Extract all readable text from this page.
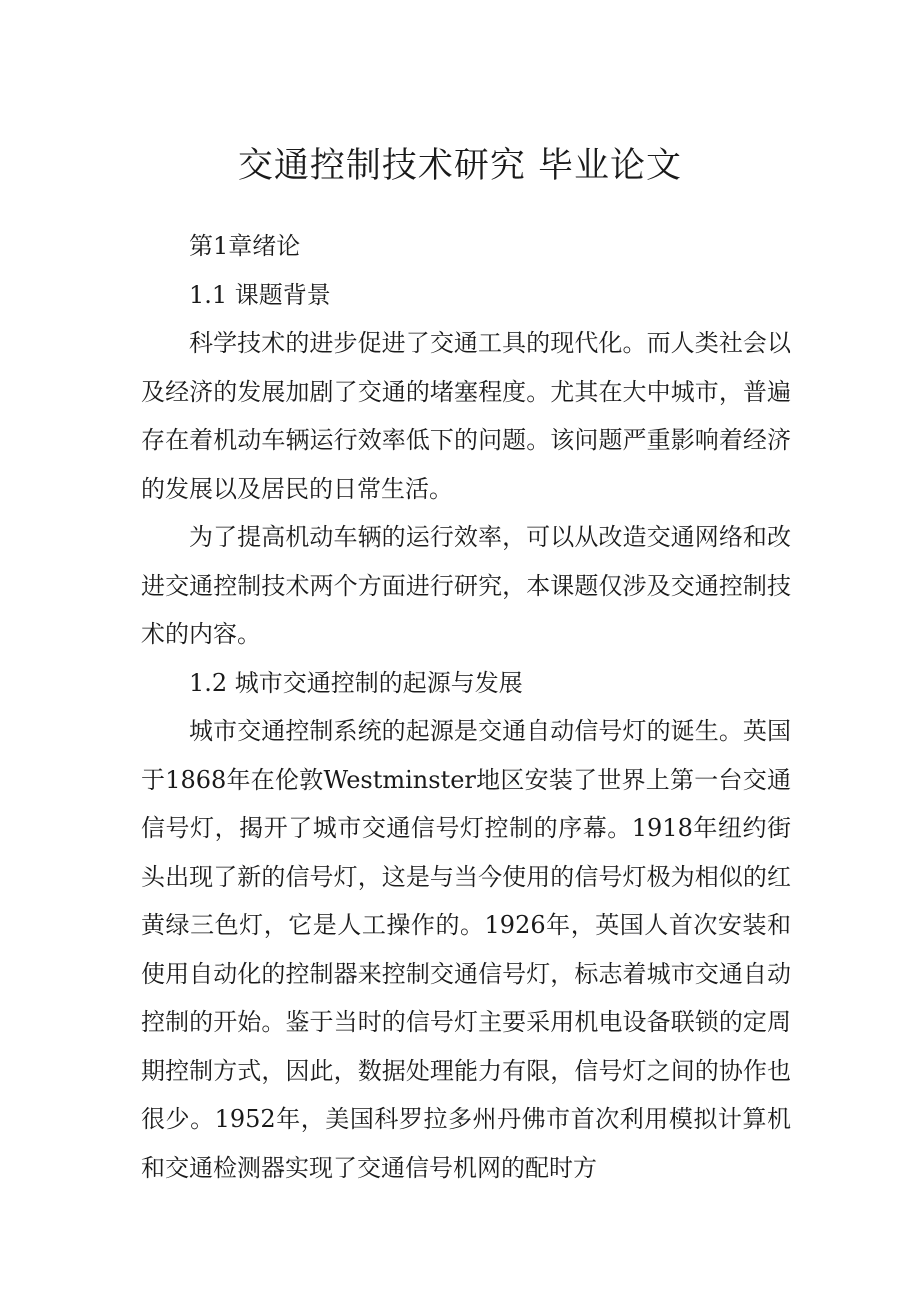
交通控制技术研究 毕业论文
第1章绪论
1.1 课题背景

科学技术的进步促进了交通工具的现代化。而人类社会以及经济的发展加剧了交通的堵塞程度。尤其在大中城市，普遍存在着机动车辆运行效率低下的问题。该问题严重影响着经济的发展以及居民的日常生活。

为了提高机动车辆的运行效率，可以从改造交通网络和改进交通控制技术两个方面进行研究，本课题仅涉及交通控制技术的内容。

1.2 城市交通控制的起源与发展

城市交通控制系统的起源是交通自动信号灯的诞生。英国于1868年在伦敦Westminster地区安装了世界上第一台交通信号灯，揭开了城市交通信号灯控制的序幕。1918年纽约街头出现了新的信号灯，这是与当今使用的信号灯极为相似的红黄绿三色灯，它是人工操作的。1926年，英国人首次安装和使用自动化的控制器来控制交通信号灯，标志着城市交通自动控制的开始。鉴于当时的信号灯主要采用机电设备联锁的定周期控制方式，因此，数据处理能力有限，信号灯之间的协作也很少。1952年，美国科罗拉多州丹佛市首次利用模拟计算机和交通检测器实现了交通信号机网的配时方
